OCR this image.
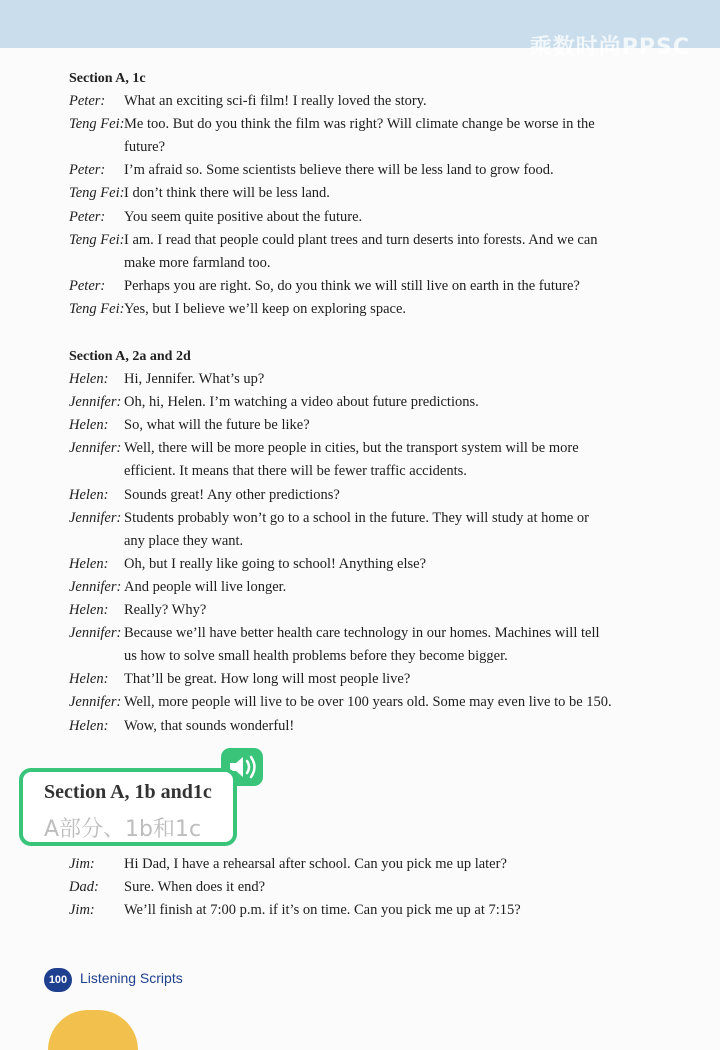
乘数时尚PPSC
Section A, 1c
Peter: What an exciting sci-fi film! I really loved the story.
Teng Fei: Me too. But do you think the film was right? Will climate change be worse in the
future?
Peter: I’m afraid so. Some scientists believe there will be less land to grow food.
Teng Fei: I don’t think there will be less land.
Peter: You seem quite positive about the future.
Teng Fei: I am. I read that people could plant trees and turn deserts into forests. And we can
make more farmland too.
Peter: Perhaps you are right. So, do you think we will still live on earth in the future?
Teng Fei: Yes, but I believe we’ll keep on exploring space.
Section A, 2a and 2d
Helen: Hi, Jennifer. What’s up?
Jennifer: Oh, hi, Helen. I’m watching a video about future predictions.
Helen: So, what will the future be like?
Jennifer: Well, there will be more people in cities, but the transport system will be more
efficient. It means that there will be fewer traffic accidents.
Helen: Sounds great! Any other predictions?
Jennifer: Students probably won’t go to a school in the future. They will study at home or
any place they want.
Helen: Oh, but I really like going to school! Anything else?
Jennifer: And people will live longer.
Helen: Really? Why?
Jennifer: Because we’ll have better health care technology in our homes. Machines will tell
us how to solve small health problems before they become bigger.
Helen: That’ll be great. How long will most people live?
Jennifer: Well, more people will live to be over 100 years old. Some may even live to be 150.
Helen: Wow, that sounds wonderful!
Section A, 1b and1c
A部分、1b和1c
Jim: Hi Dad, I have a rehearsal after school. Can you pick me up later?
Dad: Sure. When does it end?
Jim: We’ll finish at 7:00 p.m. if it’s on time. Can you pick me up at 7:15?
100 Listening Scripts
